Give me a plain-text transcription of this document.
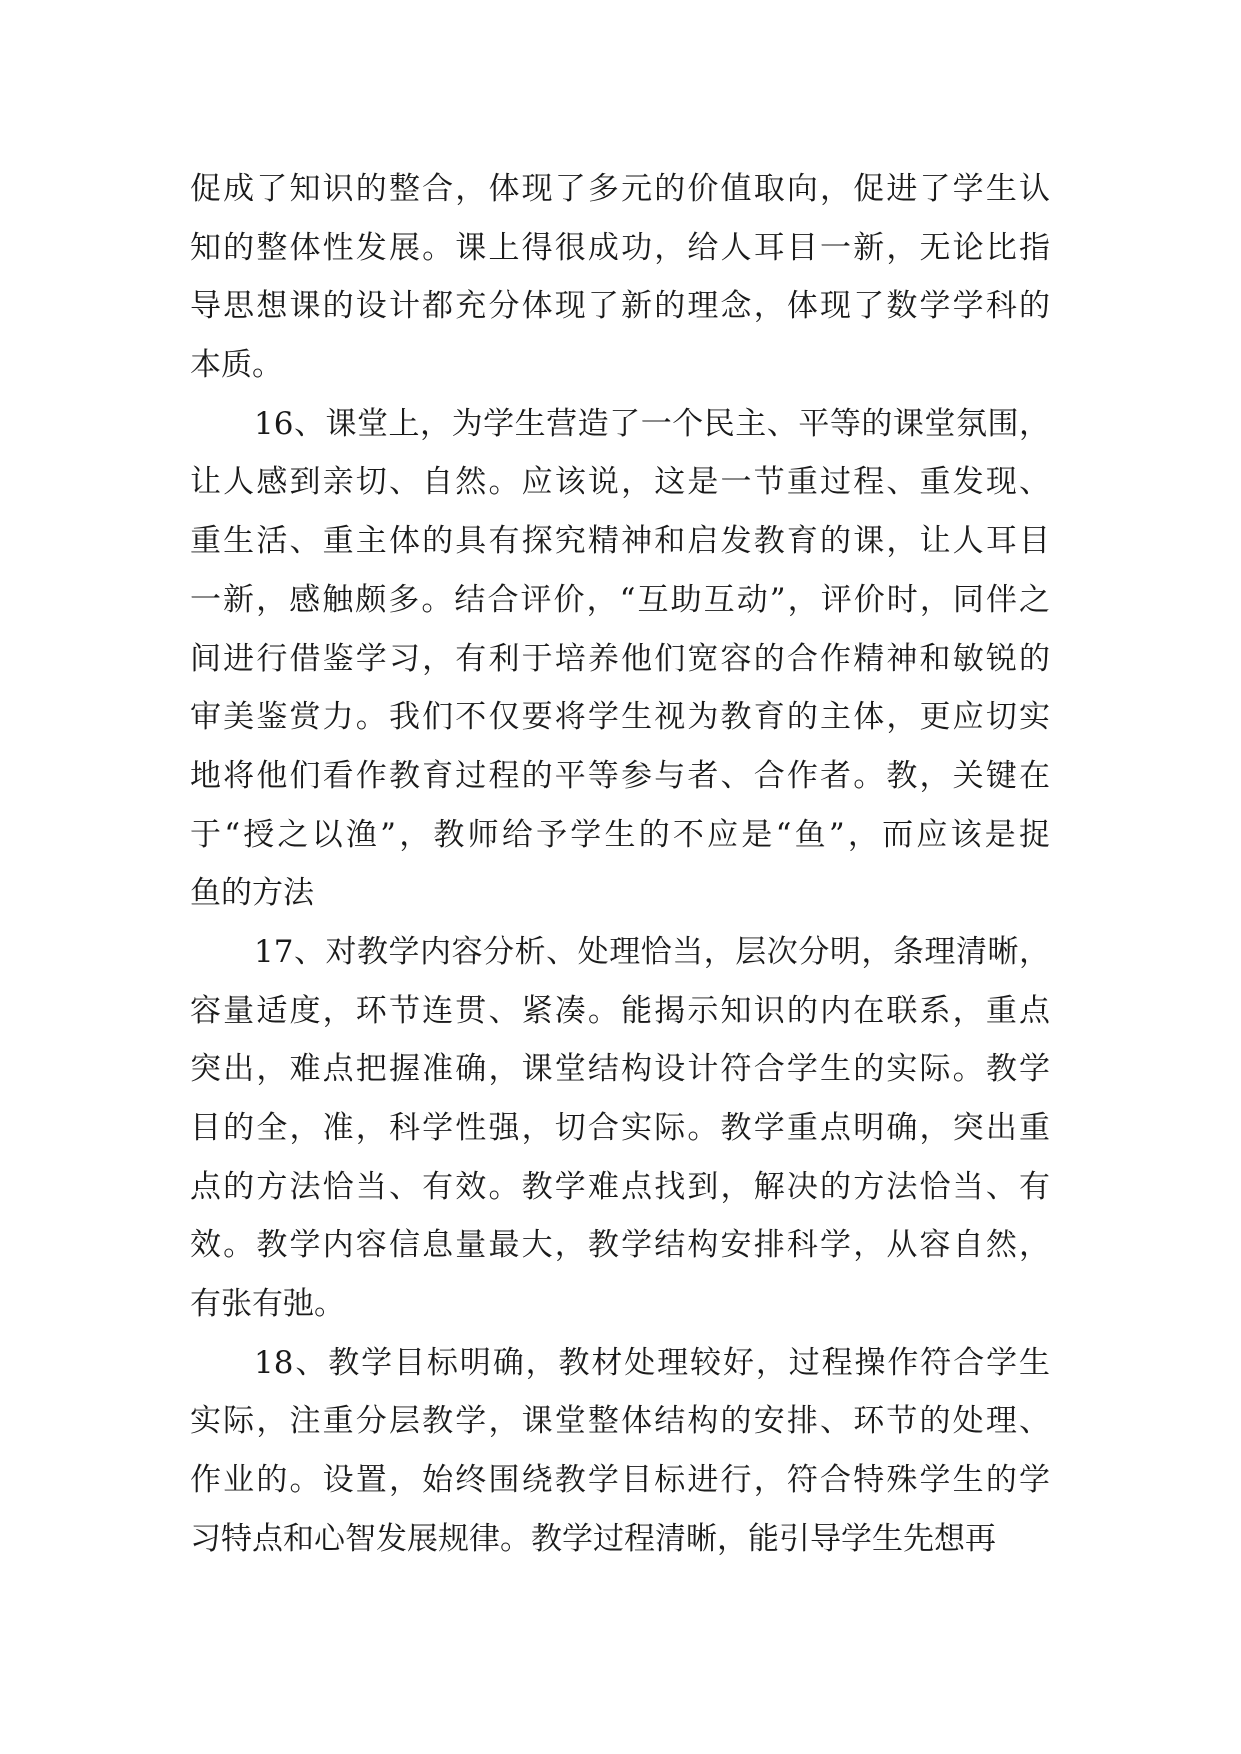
促成了知识的整合，体现了多元的价值取向，促进了学生认
知的整体性发展。课上得很成功，给人耳目一新，无论比指
导思想课的设计都充分体现了新的理念，体现了数学学科的
本质。
16、课堂上，为学生营造了一个民主、平等的课堂氛围，
让人感到亲切、自然。应该说，这是一节重过程、重发现、
重生活、重主体的具有探究精神和启发教育的课，让人耳目
一新，感触颇多。结合评价，“互助互动”，评价时，同伴之
间进行借鉴学习，有利于培养他们宽容的合作精神和敏锐的
审美鉴赏力。我们不仅要将学生视为教育的主体，更应切实
地将他们看作教育过程的平等参与者、合作者。教，关键在
于“授之以渔”，教师给予学生的不应是“鱼”，而应该是捉
鱼的方法
17、对教学内容分析、处理恰当，层次分明，条理清晰，
容量适度，环节连贯、紧凑。能揭示知识的内在联系，重点
突出，难点把握准确，课堂结构设计符合学生的实际。教学
目的全，准，科学性强，切合实际。教学重点明确，突出重
点的方法恰当、有效。教学难点找到，解决的方法恰当、有
效。教学内容信息量最大，教学结构安排科学，从容自然，
有张有弛。
18、教学目标明确，教材处理较好，过程操作符合学生
实际，注重分层教学，课堂整体结构的安排、环节的处理、
作业的。设置，始终围绕教学目标进行，符合特殊学生的学
习特点和心智发展规律。教学过程清晰，能引导学生先想再
